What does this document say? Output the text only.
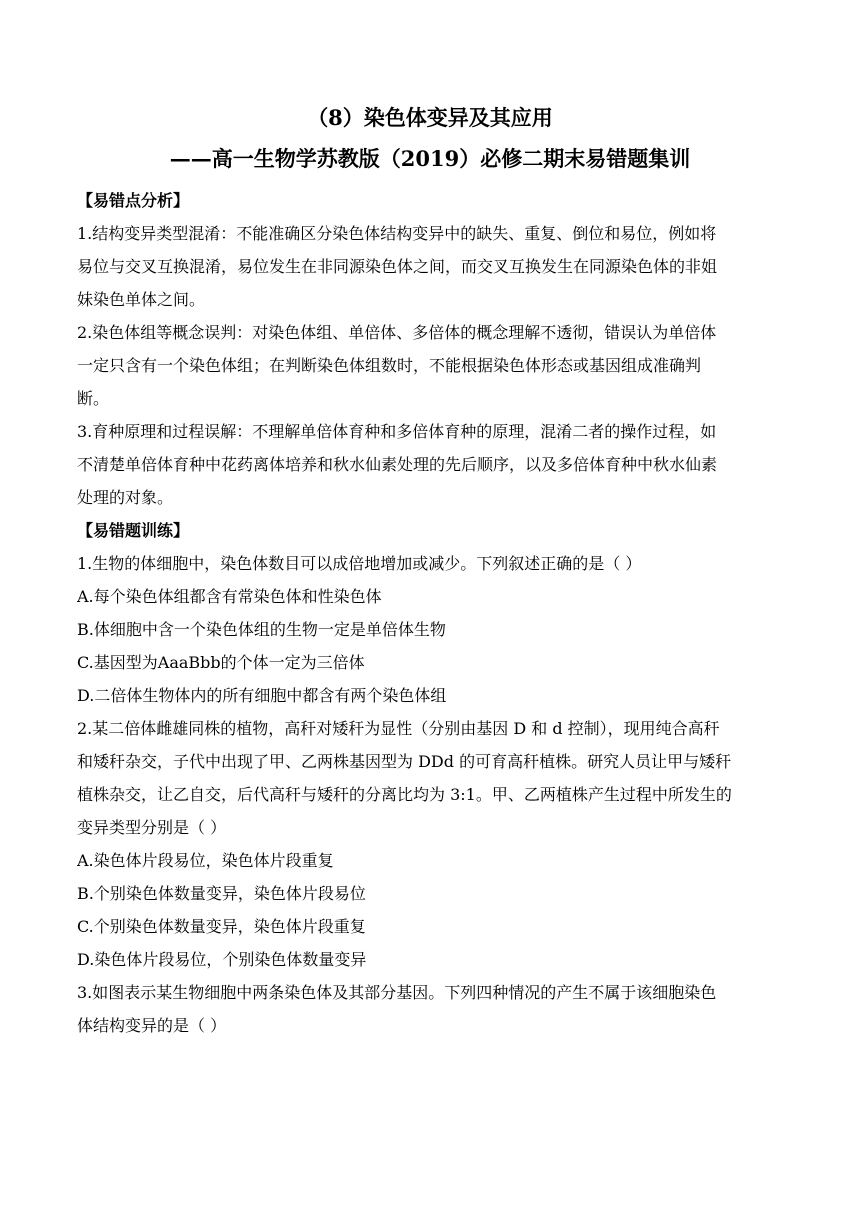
（8）染色体变异及其应用
——高一生物学苏教版（2019）必修二期末易错题集训
【易错点分析】
1.结构变异类型混淆：不能准确区分染色体结构变异中的缺失、重复、倒位和易位，例如将
易位与交叉互换混淆，易位发生在非同源染色体之间，而交叉互换发生在同源染色体的非姐
妹染色单体之间。
2.染色体组等概念误判：对染色体组、单倍体、多倍体的概念理解不透彻，错误认为单倍体
一定只含有一个染色体组；在判断染色体组数时，不能根据染色体形态或基因组成准确判
断。
3.育种原理和过程误解：不理解单倍体育种和多倍体育种的原理，混淆二者的操作过程，如
不清楚单倍体育种中花药离体培养和秋水仙素处理的先后顺序，以及多倍体育种中秋水仙素
处理的对象。
【易错题训练】
1.生物的体细胞中，染色体数目可以成倍地增加或减少。下列叙述正确的是（ ）
A.每个染色体组都含有常染色体和性染色体
B.体细胞中含一个染色体组的生物一定是单倍体生物
C.基因型为AaaBbb的个体一定为三倍体
D.二倍体生物体内的所有细胞中都含有两个染色体组
2.某二倍体雌雄同株的植物，高秆对矮秆为显性（分别由基因 D 和 d 控制），现用纯合高秆
和矮秆杂交，子代中出现了甲、乙两株基因型为 DDd 的可育高秆植株。研究人员让甲与矮秆
植株杂交，让乙自交，后代高秆与矮秆的分离比均为 3:1。甲、乙两植株产生过程中所发生的
变异类型分别是（ ）
A.染色体片段易位，染色体片段重复
B.个别染色体数量变异，染色体片段易位
C.个别染色体数量变异，染色体片段重复
D.染色体片段易位，个别染色体数量变异
3.如图表示某生物细胞中两条染色体及其部分基因。下列四种情况的产生不属于该细胞染色
体结构变异的是（ ）
